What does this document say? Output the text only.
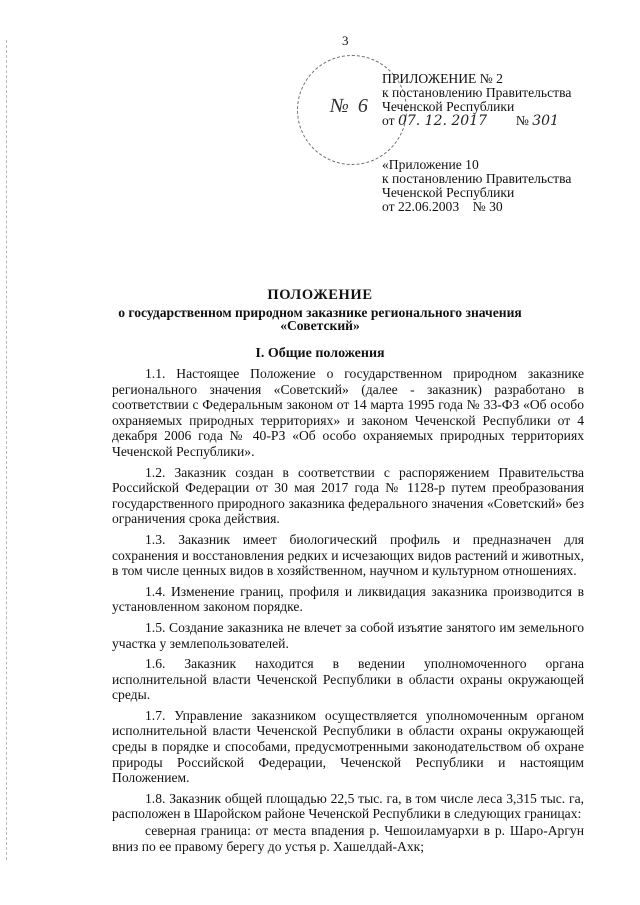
3
№ 6
ПРИЛОЖЕНИЕ № 2
к постановлению Правительства
Чеченской Республики
от 07. 12. 2017 № 301
«Приложение 10
к постановлению Правительства
Чеченской Республики
от 22.06.2003    № 30
ПОЛОЖЕНИЕ
о государственном природном заказнике регионального значения
«Советский»
I. Общие положения

1.1. Настоящее Положение о государственном природном заказнике регионального значения «Советский» (далее - заказник) разработано в соответствии с Федеральным законом от 14 марта 1995 года № 33-ФЗ «Об особо охраняемых природных территориях» и законом Чеченской Республики от 4 декабря 2006 года № 40-РЗ «Об особо охраняемых природных территориях Чеченской Республики».

1.2. Заказник создан в соответствии с распоряжением Правительства Российской Федерации от 30 мая 2017 года № 1128-р путем преобразования государственного природного заказника федерального значения «Советский» без ограничения срока действия.

1.3. Заказник имеет биологический профиль и предназначен для сохранения и восстановления редких и исчезающих видов растений и животных, в том числе ценных видов в хозяйственном, научном и культурном отношениях.

1.4. Изменение границ, профиля и ликвидация заказника производится в установленном законом порядке.

1.5. Создание заказника не влечет за собой изъятие занятого им земельного участка у землепользователей.

1.6. Заказник находится в ведении уполномоченного органа исполнительной власти Чеченской Республики в области охраны окружающей среды.

1.7. Управление заказником осуществляется уполномоченным органом исполнительной власти Чеченской Республики в области охраны окружающей среды в порядке и способами, предусмотренными законодательством об охране природы Российской Федерации, Чеченской Республики и настоящим Положением.

1.8. Заказник общей площадью 22,5 тыс. га, в том числе леса 3,315 тыс. га, расположен в Шаройском районе Чеченской Республики в следующих границах:

северная граница: от места впадения р. Чешоиламуархи в р. Шаро-Аргун вниз по ее правому берегу до устья р. Хашелдай-Ахк;
